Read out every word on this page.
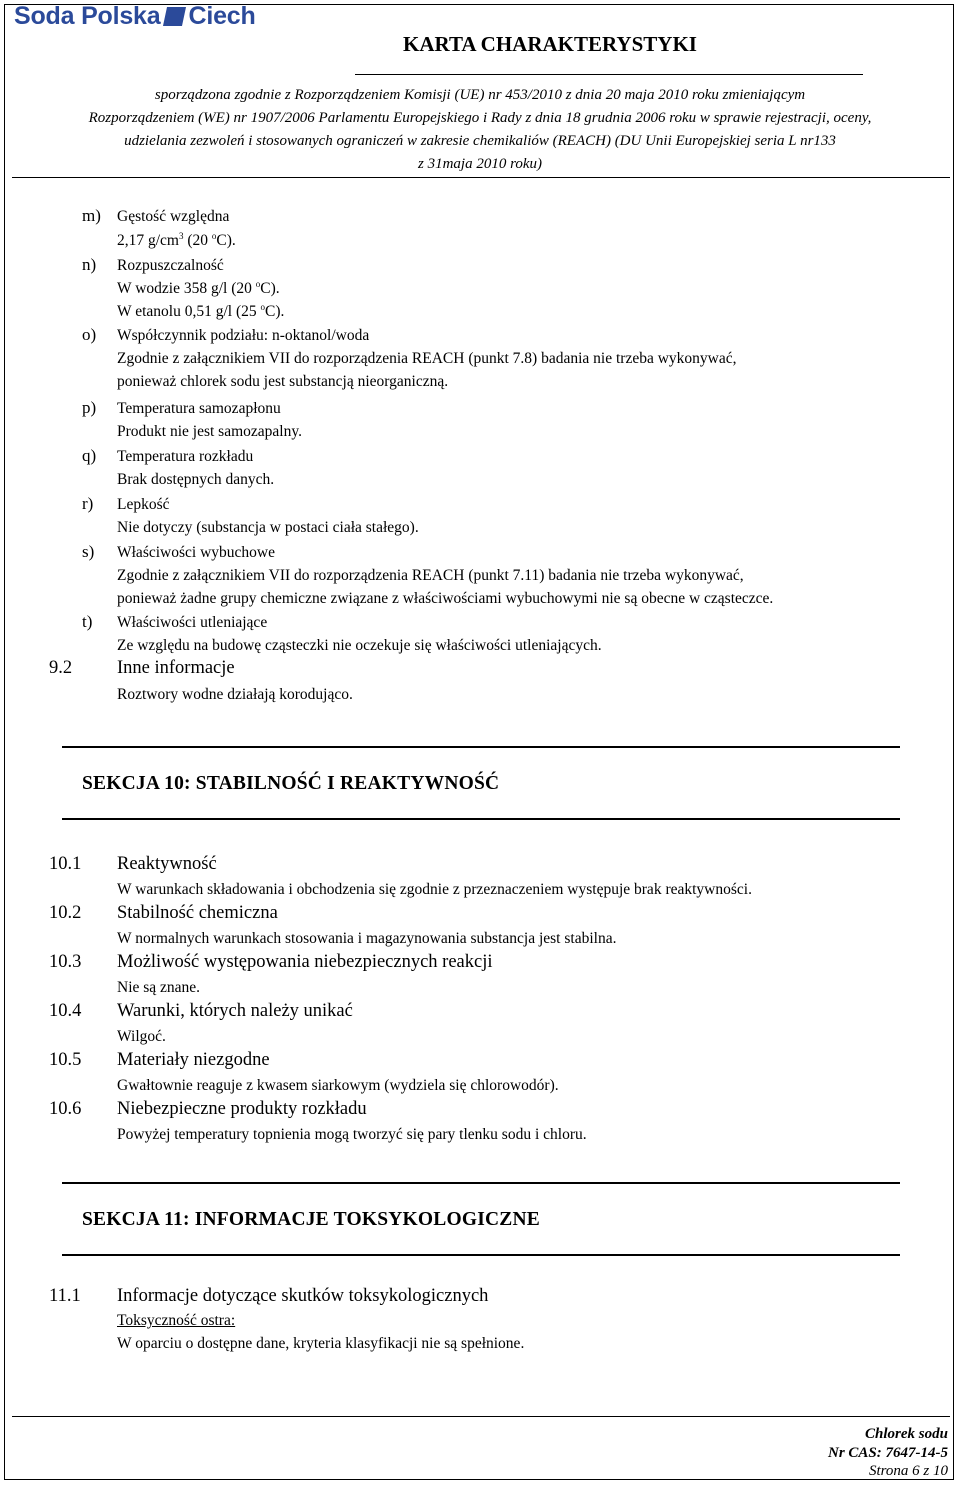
Soda Polska Ciech
KARTA CHARAKTERYSTYKI
sporządzona zgodnie z Rozporządzeniem Komisji (UE) nr 453/2010 z dnia 20 maja 2010 roku zmieniającym
Rozporządzeniem (WE) nr 1907/2006 Parlamentu Europejskiego i Rady z dnia 18 grudnia 2006 roku w sprawie rejestracji, oceny,
udzielania zezwoleń i stosowanych ograniczeń w zakresie chemikaliów (REACH) (DU Unii Europejskiej seria L nr133
z 31maja 2010 roku)
m) Gęstość względna
2,17 $g/cm^3$ (20 $^o$C).
n) Rozpuszczalność
W wodzie 358 g/l (20 $^o$C).
W etanolu 0,51 g/l (25 $^o$C).
o) Współczynnik podziału: n-oktanol/woda
Zgodnie z załącznikiem VII do rozporządzenia REACH (punkt 7.8) badania nie trzeba wykonywać,
ponieważ chlorek sodu jest substancją nieorganiczną.
p) Temperatura samozapłonu
Produkt nie jest samozapalny.
q) Temperatura rozkładu
Brak dostępnych danych.
r) Lepkość
Nie dotyczy (substancja w postaci ciała stałego).
s) Właściwości wybuchowe
Zgodnie z załącznikiem VII do rozporządzenia REACH (punkt 7.11) badania nie trzeba wykonywać,
ponieważ żadne grupy chemiczne związane z właściwościami wybuchowymi nie są obecne w cząsteczce.
t) Właściwości utleniające
Ze względu na budowę cząsteczki nie oczekuje się właściwości utleniających.
9.2 Inne informacje
Roztwory wodne działają korodująco.
SEKCJA 10: STABILNOŚĆ I REAKTYWNOŚĆ
10.1 Reaktywność
W warunkach składowania i obchodzenia się zgodnie z przeznaczeniem występuje brak reaktywności.
10.2 Stabilność chemiczna
W normalnych warunkach stosowania i magazynowania substancja jest stabilna.
10.3 Możliwość występowania niebezpiecznych reakcji
Nie są znane.
10.4 Warunki, których należy unikać
Wilgoć.
10.5 Materiały niezgodne
Gwałtownie reaguje z kwasem siarkowym (wydziela się chlorowodór).
10.6 Niebezpieczne produkty rozkładu
Powyżej temperatury topnienia mogą tworzyć się pary tlenku sodu i chloru.
SEKCJA 11: INFORMACJE TOKSYKOLOGICZNE
11.1 Informacje dotyczące skutków toksykologicznych
Toksyczność ostra:
W oparciu o dostępne dane, kryteria klasyfikacji nie są spełnione.
Chlorek sodu
Nr CAS: 7647-14-5
Strona 6 z 10
